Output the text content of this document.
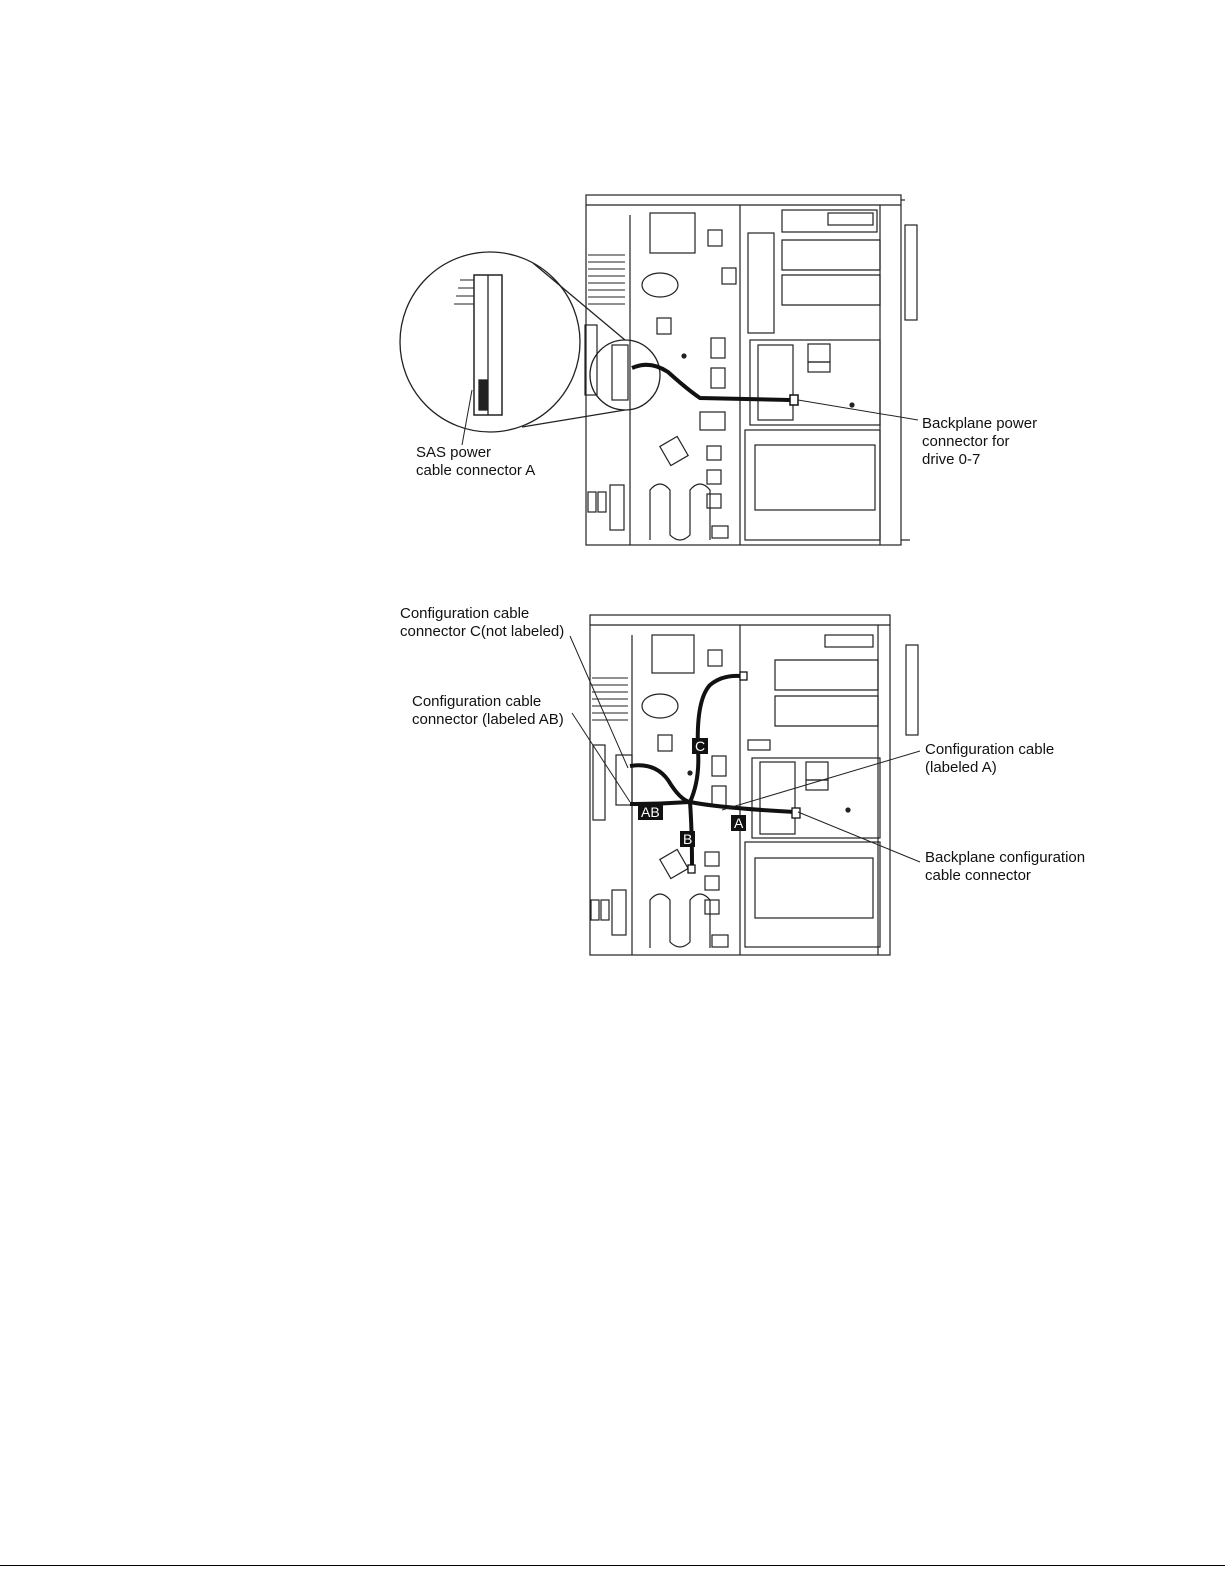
SAS power
cable connector A
Backplane power
connector for
drive 0-7
Configuration cable
connector C(not labeled)
Configuration cable
connector (labeled AB)
Configuration cable
(labeled A)
Backplane configuration
cable connector
C
AB
B
A
